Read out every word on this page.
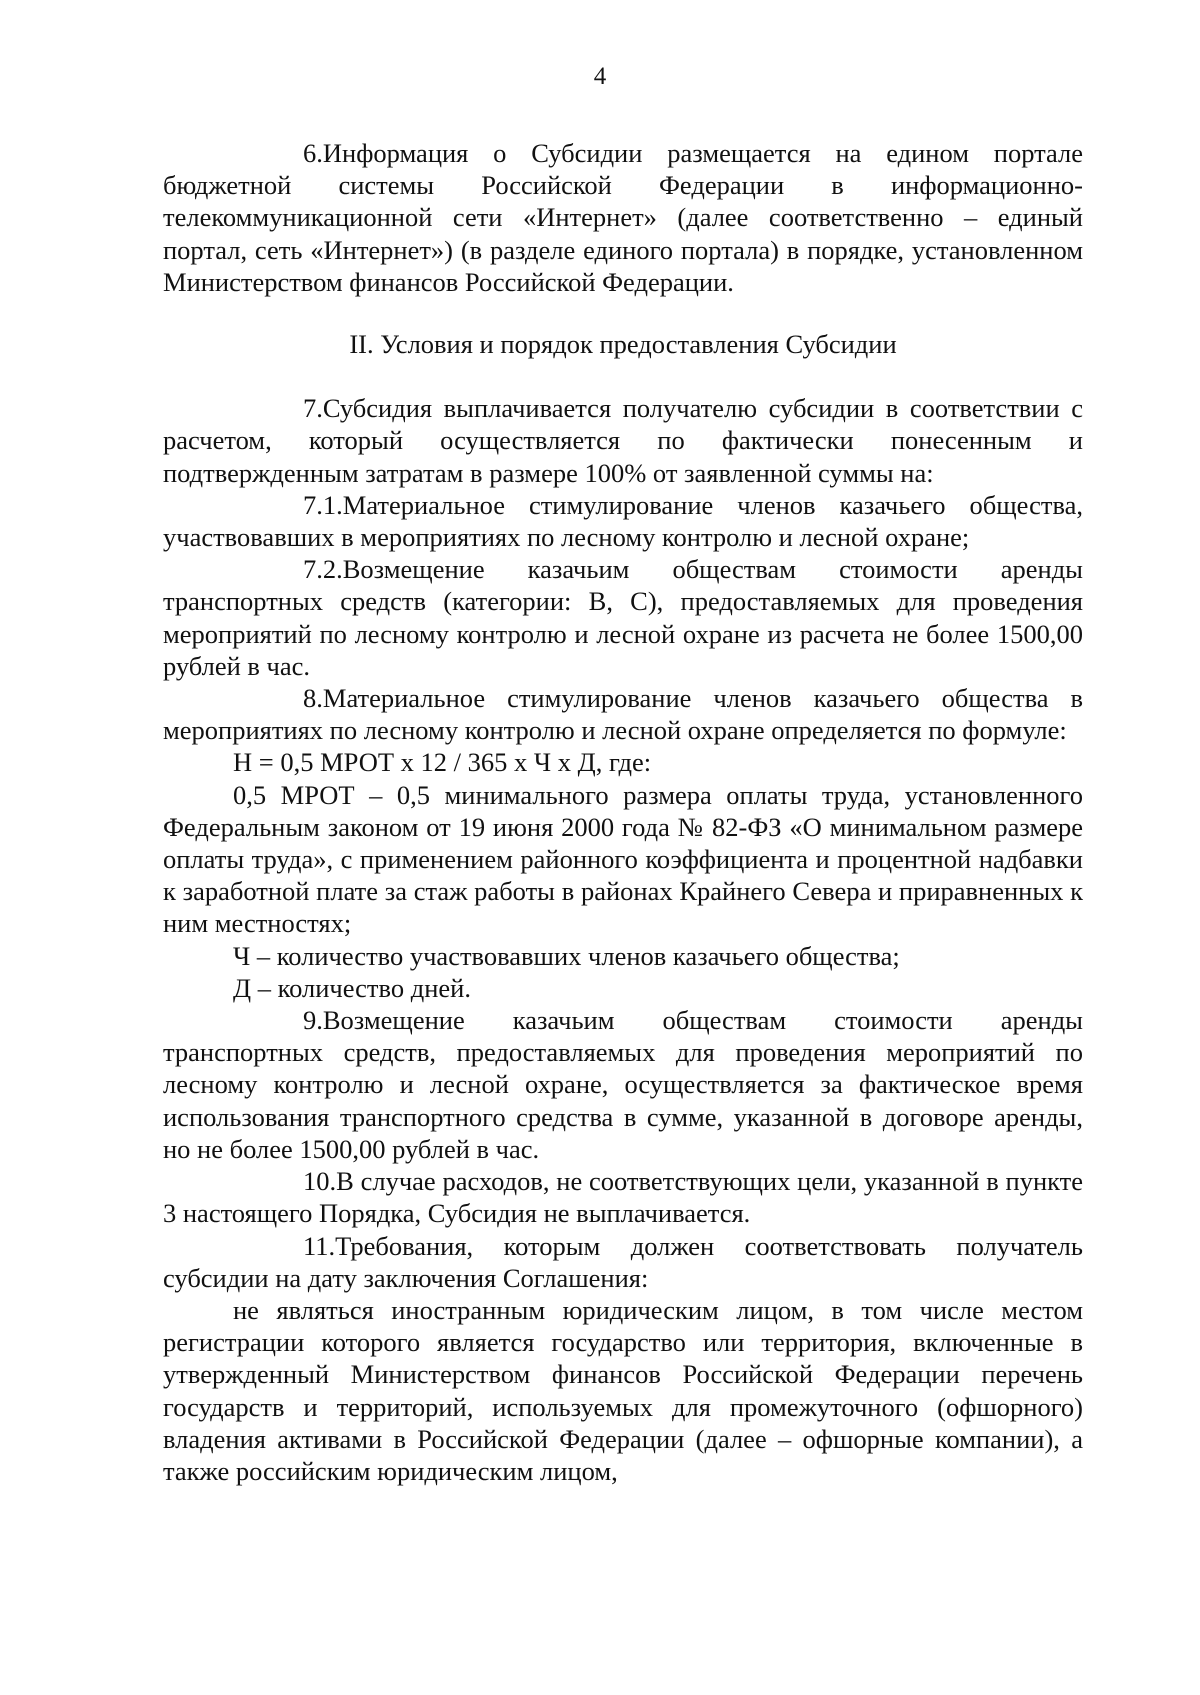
4

6.Информация о Субсидии размещается на едином портале бюджетной системы Российской Федерации в информационно-телекоммуникационной сети «Интернет» (далее соответственно – единый портал, сеть «Интернет») (в разделе единого портала) в порядке, установленном Министерством финансов Российской Федерации.

II. Условия и порядок предоставления Субсидии

7.Субсидия выплачивается получателю субсидии в соответствии с расчетом, который осуществляется по фактически понесенным и подтвержденным затратам в размере 100% от заявленной суммы на:

7.1.Материальное стимулирование членов казачьего общества, участвовавших в мероприятиях по лесному контролю и лесной охране;

7.2.Возмещение казачьим обществам стоимости аренды транспортных средств (категории: В, С), предоставляемых для проведения мероприятий по лесному контролю и лесной охране из расчета не более 1500,00 рублей в час.

8.Материальное стимулирование членов казачьего общества в мероприятиях по лесному контролю и лесной охране определяется по формуле:

Н = 0,5 МРОТ х 12 / 365 х Ч х Д, где:

0,5 МРОТ – 0,5 минимального размера оплаты труда, установленного Федеральным законом от 19 июня 2000 года № 82-ФЗ «О минимальном размере оплаты труда», с применением районного коэффициента и процентной надбавки к заработной плате за стаж работы в районах Крайнего Севера и приравненных к ним местностях;

Ч – количество участвовавших членов казачьего общества;

Д – количество дней.

9.Возмещение казачьим обществам стоимости аренды транспортных средств, предоставляемых для проведения мероприятий по лесному контролю и лесной охране, осуществляется за фактическое время использования транспортного средства в сумме, указанной в договоре аренды, но не более 1500,00 рублей в час.

10.В случае расходов, не соответствующих цели, указанной в пункте 3 настоящего Порядка, Субсидия не выплачивается.

11.Требования, которым должен соответствовать получатель субсидии на дату заключения Соглашения:

не являться иностранным юридическим лицом, в том числе местом регистрации которого является государство или территория, включенные в утвержденный Министерством финансов Российской Федерации перечень государств и территорий, используемых для промежуточного (офшорного) владения активами в Российской Федерации (далее – офшорные компании), а также российским юридическим лицом,
